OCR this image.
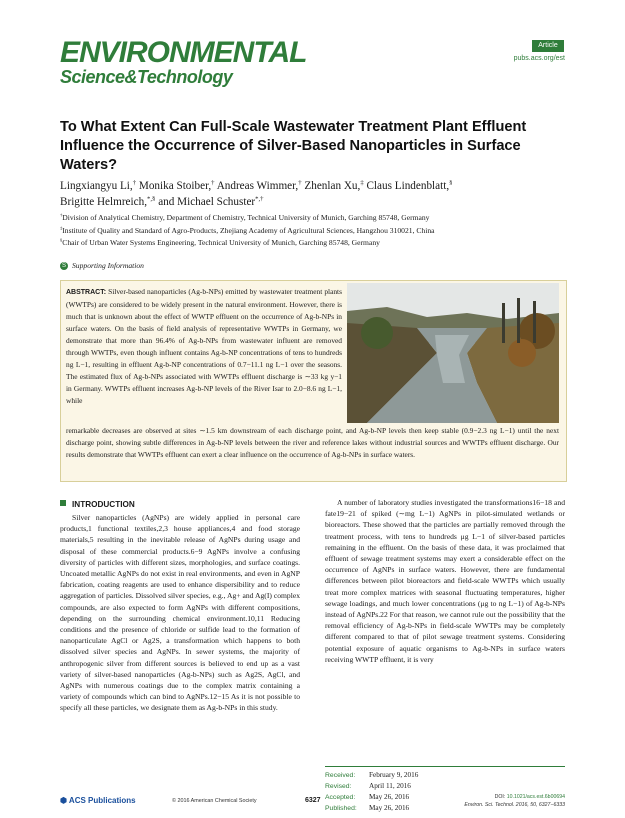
ENVIRONMENTAL
Science&Technology
Article
pubs.acs.org/est
To What Extent Can Full-Scale Wastewater Treatment Plant Effluent Influence the Occurrence of Silver-Based Nanoparticles in Surface Waters?
Lingxiangyu Li,† Monika Stoiber,† Andreas Wimmer,† Zhenlan Xu,‡ Claus Lindenblatt,§
Brigitte Helmreich,*,§ and Michael Schuster*,†
†Division of Analytical Chemistry, Department of Chemistry, Technical University of Munich, Garching 85748, Germany
‡Institute of Quality and Standard of Agro-Products, Zhejiang Academy of Agricultural Sciences, Hangzhou 310021, China
§Chair of Urban Water Systems Engineering, Technical University of Munich, Garching 85748, Germany
S Supporting Information
ABSTRACT: Silver-based nanoparticles (Ag-b-NPs) emitted by wastewater treatment plants (WWTPs) are considered to be widely present in the natural environment. However, there is much that is unknown about the effect of WWTP effluent on the occurrence of Ag-b-NPs in surface waters. On the basis of field analysis of representative WWTPs in Germany, we demonstrate that more than 96.4% of Ag-b-NPs from wastewater influent are removed through WWTPs, even though influent contains Ag-b-NP concentrations of tens to hundreds ng L−1, resulting in effluent Ag-b-NP concentrations of 0.7−11.1 ng L−1 over the seasons. The estimated flux of Ag-b-NPs associated with WWTPs effluent discharge is ∼33 kg y−1 in Germany. WWTPs effluent increases Ag-b-NP levels of the River Isar to 2.0−8.6 ng L−1, while
remarkable decreases are observed at sites ∼1.5 km downstream of each discharge point, and Ag-b-NP levels then keep stable (0.9−2.3 ng L−1) until the next discharge point, showing subtle differences in Ag-b-NP levels between the river and reference lakes without industrial sources and WWTPs effluent discharge. Our results demonstrate that WWTPs effluent can exert a clear influence on the occurrence of Ag-b-NPs in surface waters.
INTRODUCTION

Silver nanoparticles (AgNPs) are widely applied in personal care products,1 functional textiles,2,3 house appliances,4 and food storage materials,5 resulting in the inevitable release of AgNPs during usage and disposal of these commercial products.6−9 AgNPs involve a confusing diversity of particles with different sizes, morphologies, and surface coatings. Uncoated metallic AgNPs do not exist in real environments, and even in AgNP fabrication, coating reagents are used to enhance dispersibility and to reduce aggregation of particles. Dissolved silver species, e.g., Ag+ and Ag(I) complex compounds, are also expected to form AgNPs with different compositions, depending on the surrounding chemical environment.10,11 Reducing conditions and the presence of chloride or sulfide lead to the formation of nanoparticulate AgCl or Ag2S, a transformation which happens to both dissolved silver species and AgNPs. In sewer systems, the majority of anthropogenic silver from different sources is believed to end up as a vast variety of silver-based nanoparticles (Ag-b-NPs) such as Ag2S, AgCl, and AgNPs with numerous coatings due to the complex matrix containing a variety of compounds which can bind to AgNPs.12−15 As it is not possible to specify all these particles, we designate them as Ag-b-NPs in this study.

A number of laboratory studies investigated the transformations16−18 and fate19−21 of spiked (∼mg L−1) AgNPs in pilot-simulated wetlands or bioreactors. These showed that the particles are partially removed through the treatment process, with tens to hundreds μg L−1 of silver-based particles remaining in the effluent. On the basis of these data, it was proclaimed that effluent of sewage treatment systems may exert a considerable effect on the occurrence of AgNPs in surface waters. However, there are fundamental differences between pilot bioreactors and field-scale WWTPs which usually treat more complex matrices with seasonal fluctuating temperatures, higher sewage loadings, and much lower concentrations (μg to ng L−1) of Ag-b-NPs instead of AgNPs.22 For that reason, we cannot rule out the possibility that the removal efficiency of Ag-b-NPs in field-scale WWTPs may be completely different compared to that of pilot sewage treatment systems. Considering potential exposure of aquatic organisms to Ag-b-NPs in surface waters receiving WWTP effluent, it is very

Received: February 9, 2016
Revised: April 11, 2016
Accepted: May 26, 2016
Published: May 26, 2016
⬢ ACS Publications	© 2016 American Chemical Society	6327	DOI: 10.1021/acs.est.6b00694
Environ. Sci. Technol. 2016, 50, 6327−6333
